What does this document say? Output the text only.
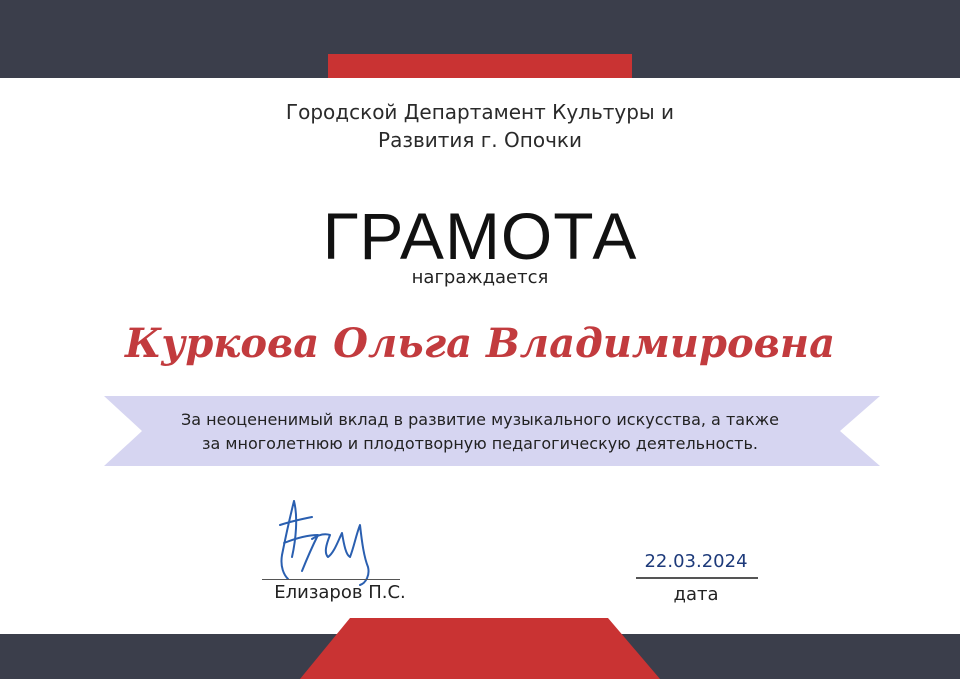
Городской Департамент Культуры и
Развития г. Опочки
ГРАМОТА
награждается
Куркова Ольга Владимировна
За неоцененимый вклад в развитие музыкального искусства, а также
за многолетнюю и плодотворную педагогическую деятельность.
Елизаров П.С.
22.03.2024
дата
